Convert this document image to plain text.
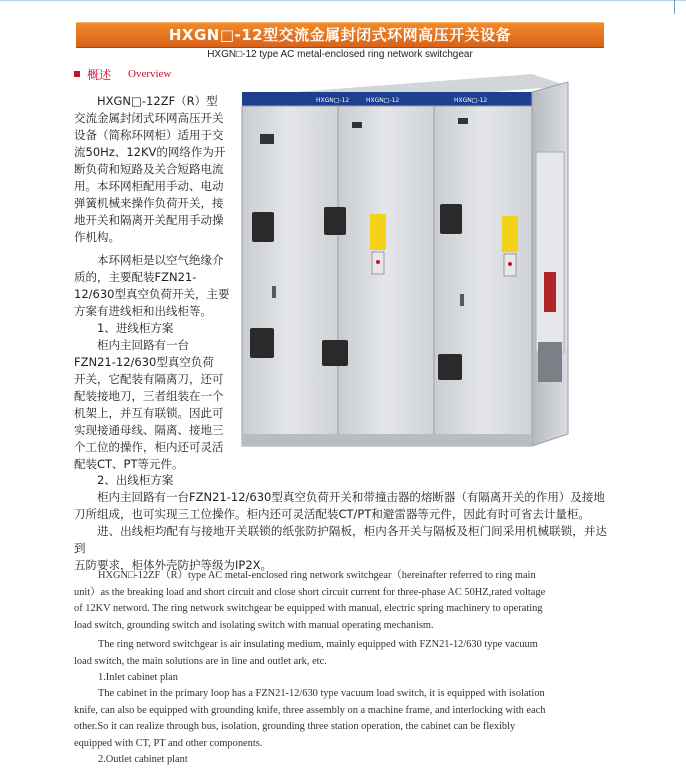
HXGN□-12型交流金属封闭式环网高压开关设备
HXGN□-12 type AC metal-enclosed ring network switchgear
概述 Overview
HXGN□-12ZF（R）型
交流金属封闭式环网高压开关
设备（简称环网柜）适用于交
流50Hz、12KV的网络作为开
断负荷和短路及关合短路电流
用。本环网柜配用手动、电动
弹簧机械来操作负荷开关，接
地开关和隔离开关配用手动操
作机构。
本环网柜是以空气绝缘介
质的，主要配装FZN21-
12/630型真空负荷开关，主要
方案有进线柜和出线柜等。
1、进线柜方案
柜内主回路有一台
FZN21-12/630型真空负荷
开关，它配装有隔离刀，还可
配装接地刀，三者组装在一个
机架上，并互有联锁。因此可
实现接通母线、隔离、接地三
个工位的操作，柜内还可灵活
配装CT、PT等元件。
2、出线柜方案
柜内主回路有一台FZN21-12/630型真空负荷开关和带撞击器的熔断器（有隔离开关的作用）及接地
刀所组成，也可实现三工位操作。柜内还可灵活配装CT/PT和避雷器等元件，因此有时可省去计量柜。
进、出线柜均配有与接地开关联锁的纸张防护隔板，柜内各开关与隔板及柜门间采用机械联锁，并达到
五防要求，柜体外壳防护等级为IP2X。

HXGN□-12ZF（R）type AC metal-enclosed ring network switchgear（hereinafter referred to ring main

unit）as the breaking load and short circuit and close short circuit current for three-phase AC 50HZ,rated voltage
of 12KV netword. The ring network switchgear be equipped with manual, electric spring machinery to operating
load switch, grounding switch and isolating switch with manual operating mechanism.

The ring netword switchgear is air insulating medium, mainly equipped with FZN21-12/630 type vacuum

load switch, the main solutions are in line and outlet ark, etc.

1.Inlet cabinet plan

The cabinet in the primary loop has a FZN21-12/630 type vacuum load switch, it is equipped with isolation

knife, can also be equipped with grounding knife, three assembly on a machine frame, and interlocking with each
other.So it can realize through bus, isolation, grounding three station operation, the cabinet can be flexibly
equipped with CT, PT and other components.

2.Outlet cabinet plant

HXGN□-12	HXGN□-12	HXGN□-12
